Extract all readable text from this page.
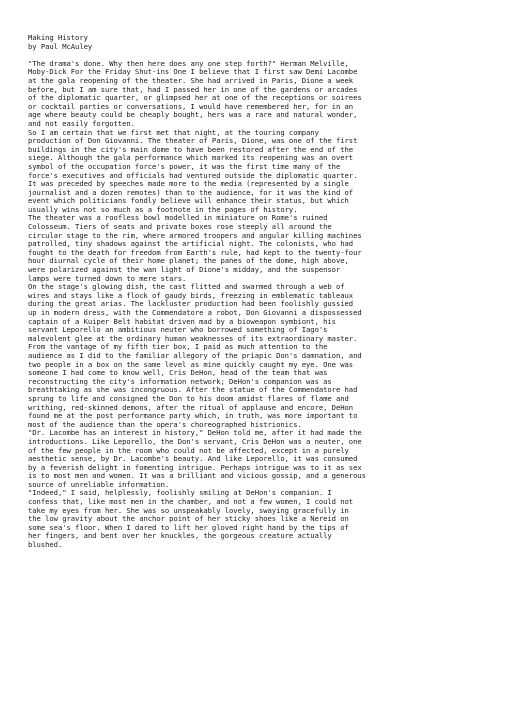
Making History
by Paul McAuley

"The drama's done. Why then here does any one step forth?" Herman Melville,
Moby-Dick For the Friday Shut-ins One I believe that I first saw Demi Lacombe
at the gala reopening of the theater. She had arrived in Paris, Dione a week
before, but I am sure that, had I passed her in one of the gardens or arcades
of the diplomatic quarter, or glimpsed her at one of the receptions or soirees
or cocktail parties or conversations, I would have remembered her, for in an
age where beauty could be cheaply bought, hers was a rare and natural wonder,
and not easily forgotten.

So I am certain that we first met that night, at the touring company
production of Don Giovanni. The theater of Paris, Dione, was one of the first
buildings in the city's main dome to have been restored after the end of the
siege. Although the gala performance which marked its reopening was an overt
symbol of the occupation force's power, it was the first time many of the
force's executives and officials had ventured outside the diplomatic quarter.
It was preceded by speeches made more to the media (represented by a single
journalist and a dozen remotes) than to the audience, for it was the kind of
event which politicians fondly believe will enhance their status, but which
usually wins not so much as a footnote in the pages of history.

The theater was a roofless bowl modelled in miniature on Rome's ruined
Colosseum. Tiers of seats and private boxes rose steeply all around the
circular stage to the rim, where armored troopers and angular killing machines
patrolled, tiny shadows against the artificial night. The colonists, who had
fought to the death for freedom from Earth's rule, had kept to the twenty-four
hour diurnal cycle of their home planet; the panes of the dome, high above,
were polarized against the wan light of Dione's midday, and the suspensor
lamps were turned down to mere stars.

On the stage's glowing dish, the cast flitted and swarmed through a web of
wires and stays like a flock of gaudy birds, freezing in emblematic tableaux
during the great arias. The lackluster production had been foolishly gussied
up in modern dress, with the Commendatore a robot, Don Giovanni a dispossessed
captain of a Kuiper Belt habitat driven mad by a bioweapon symbiont, his
servant Leporello an ambitious neuter who borrowed something of Iago's
malevolent glee at the ordinary human weaknesses of its extraordinary master.
From the vantage of my fifth tier box, I paid as much attention to the
audience as I did to the familiar allegory of the priapic Don's damnation, and
two people in a box on the same level as mine quickly caught my eye. One was
someone I had come to know well, Cris DeHon, head of the team that was
reconstructing the city's information network; DeHon's companion was as
breathtaking as she was incongruous. After the statue of the Commendatore had
sprung to life and consigned the Don to his doom amidst flares of flame and
writhing, red-skinned demons, after the ritual of applause and encore, DeHon
found me at the post performance party which, in truth, was more important to
most of the audience than the opera's choreographed histrionics.

"Dr. Lacombe has an interest in history," DeHon told me, after it had made the
introductions. Like Leporello, the Don's servant, Cris DeHon was a neuter, one
of the few people in the room who could not be affected, except in a purely
aesthetic sense, by Dr. Lacombe's beauty. And like Leporello, it was consumed
by a feverish delight in fomenting intrigue. Perhaps intrigue was to it as sex
is to most men and women. It was a brilliant and vicious gossip, and a generous
source of unreliable information.

"Indeed," I said, helplessly, foolishly smiling at DeHon's companion. I
confess that, like most men in the chamber, and not a few women, I could not
take my eyes from her. She was so unspeakably lovely, swaying gracefully in
the low gravity about the anchor point of her sticky shoes like a Nereid on
some sea's floor. When I dared to lift her gloved right hand by the tips of
her fingers, and bent over her knuckles, the gorgeous creature actually
blushed.
